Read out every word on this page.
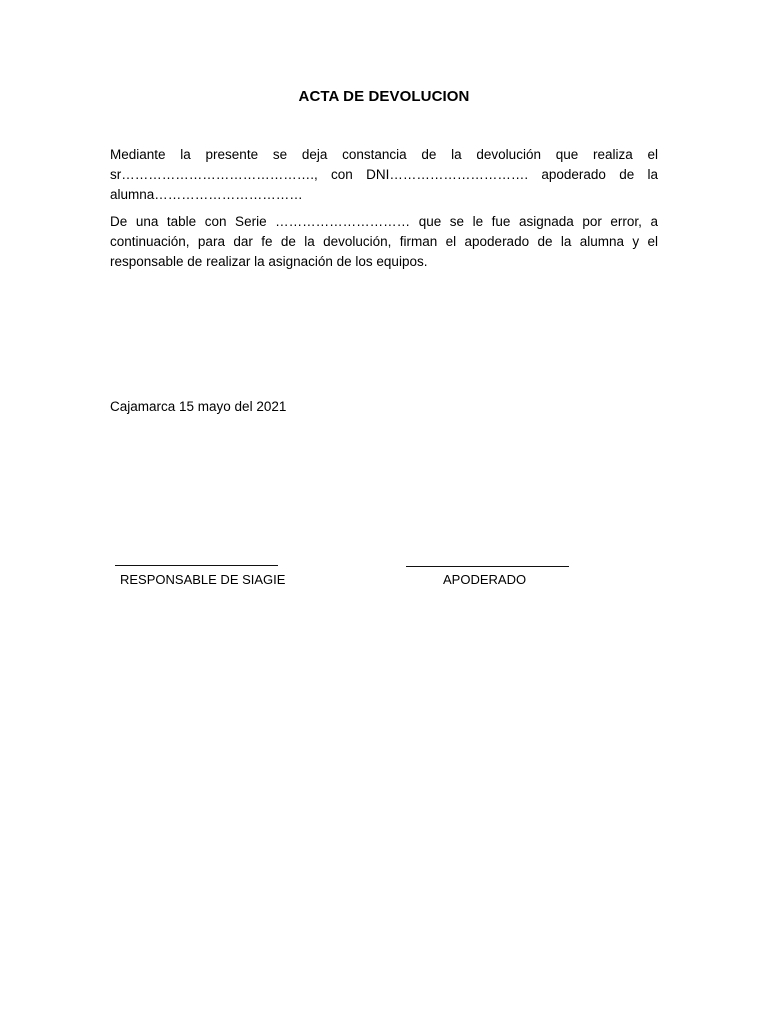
ACTA DE DEVOLUCION

Mediante la presente se deja constancia de la devolución que realiza el sr……………………………………., con DNI…………………………. apoderado de la alumna……………………………

De una table con Serie ………………………… que se le fue asignada por error, a continuación, para dar fe de la devolución, firman el apoderado de la alumna y el responsable de realizar la asignación de los equipos.

Cajamarca 15 mayo del 2021
RESPONSABLE DE SIAGIE	APODERADO
